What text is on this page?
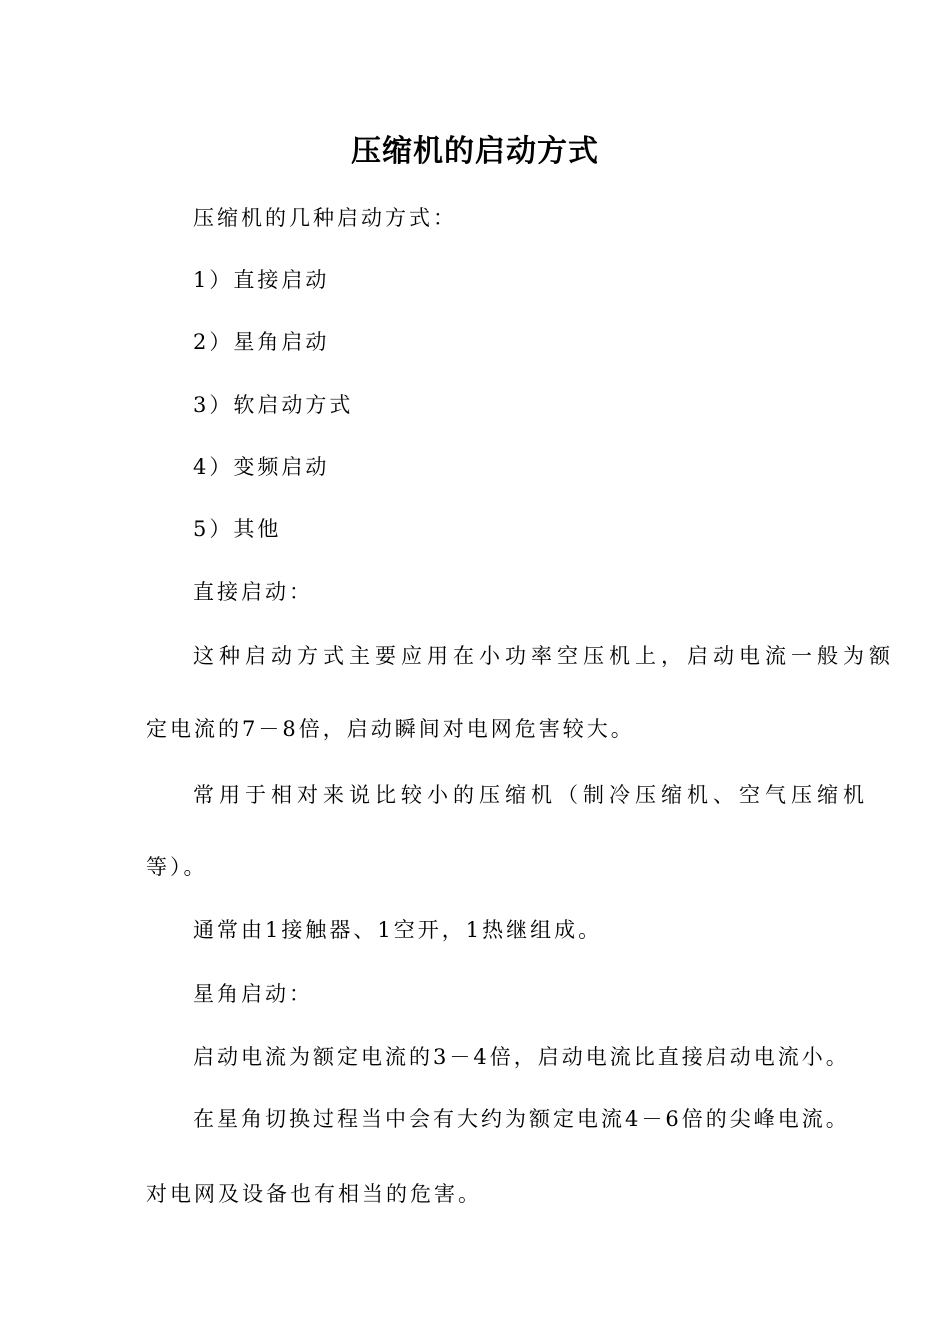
压缩机的启动方式
压缩机的几种启动方式：
1）直接启动
2）星角启动
3）软启动方式
4）变频启动
5）其他
直接启动：
这种启动方式主要应用在小功率空压机上，启动电流一般为额
定电流的7－8倍，启动瞬间对电网危害较大。
常用于相对来说比较小的压缩机（制冷压缩机、空气压缩机
等）。
通常由1接触器、1空开，1热继组成。
星角启动：
启动电流为额定电流的3－4倍，启动电流比直接启动电流小。
在星角切换过程当中会有大约为额定电流4－6倍的尖峰电流。
对电网及设备也有相当的危害。
